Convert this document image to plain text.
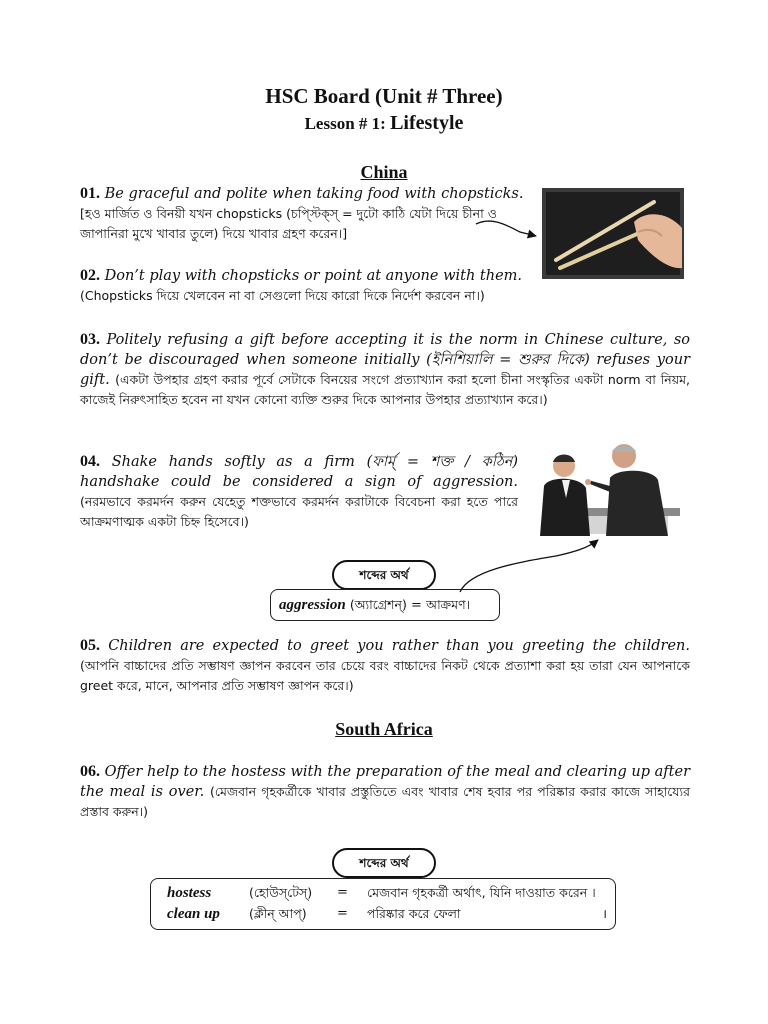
HSC Board (Unit # Three)
Lesson # 1: Lifestyle
China
01. Be graceful and polite when taking food with chopsticks.
[হও মার্জিত ও বিনয়ী যখন chopsticks (চপ্স্টিক্স্ = দুটো কাঠি যেটা দিয়ে চীনা ও জাপানিরা মুখে খাবার তুলে) দিয়ে খাবার গ্রহণ করেন।]
02. Don’t play with chopsticks or point at anyone with them.
(Chopsticks দিয়ে খেলবেন না বা সেগুলো দিয়ে কারো দিকে নির্দেশ করবেন না।)
03. Politely refusing a gift before accepting it is the norm in Chinese culture, so don’t be discouraged when someone initially (ইনিশিয়ালি = শুরুর দিকে) refuses your gift. (একটা উপহার গ্রহণ করার পূর্বে সেটাকে বিনয়ের সংগে প্রত্যাখ্যান করা হলো চীনা সংস্কৃতির একটা norm বা নিয়ম, কাজেই নিরুৎসাহিত হবেন না যখন কোনো ব্যক্তি শুরুর দিকে আপনার উপহার প্রত্যাখ্যান করে।)
04. Shake hands softly as a firm (ফার্ম্ = শক্ত / কঠিন) handshake could be considered a sign of aggression. (নরমভাবে করমর্দন করুন যেহেতু শক্তভাবে করমর্দন করাটাকে বিবেচনা করা হতে পারে আক্রমণাত্মক একটা চিহ্ন হিসেবে।)
শব্দের অর্থ
aggression (অ্যাগ্রেশন্) = আক্রমণ।
05. Children are expected to greet you rather than you greeting the children. (আপনি বাচ্চাদের প্রতি সম্ভাষণ জ্ঞাপন করবেন তার চেয়ে বরং বাচ্চাদের নিকট থেকে প্রত্যাশা করা হয় তারা যেন আপনাকে greet করে, মানে, আপনার প্রতি সম্ভাষণ জ্ঞাপন করে।)
South Africa
06. Offer help to the hostess with the preparation of the meal and clearing up after the meal is over. (মেজবান গৃহকর্ত্রীকে খাবার প্রস্তুতিতে এবং খাবার শেষ হবার পর পরিষ্কার করার কাজে সাহায্যের প্রস্তাব করুন।)
শব্দের অর্থ
hostess	(হোউস্‌টেস্) = মেজবান গৃহকর্ত্রী অর্থাৎ, যিনি দাওয়াত করেন ।
clean up (ক্লীন্ আপ্) = পরিষ্কার করে ফেলা	।
